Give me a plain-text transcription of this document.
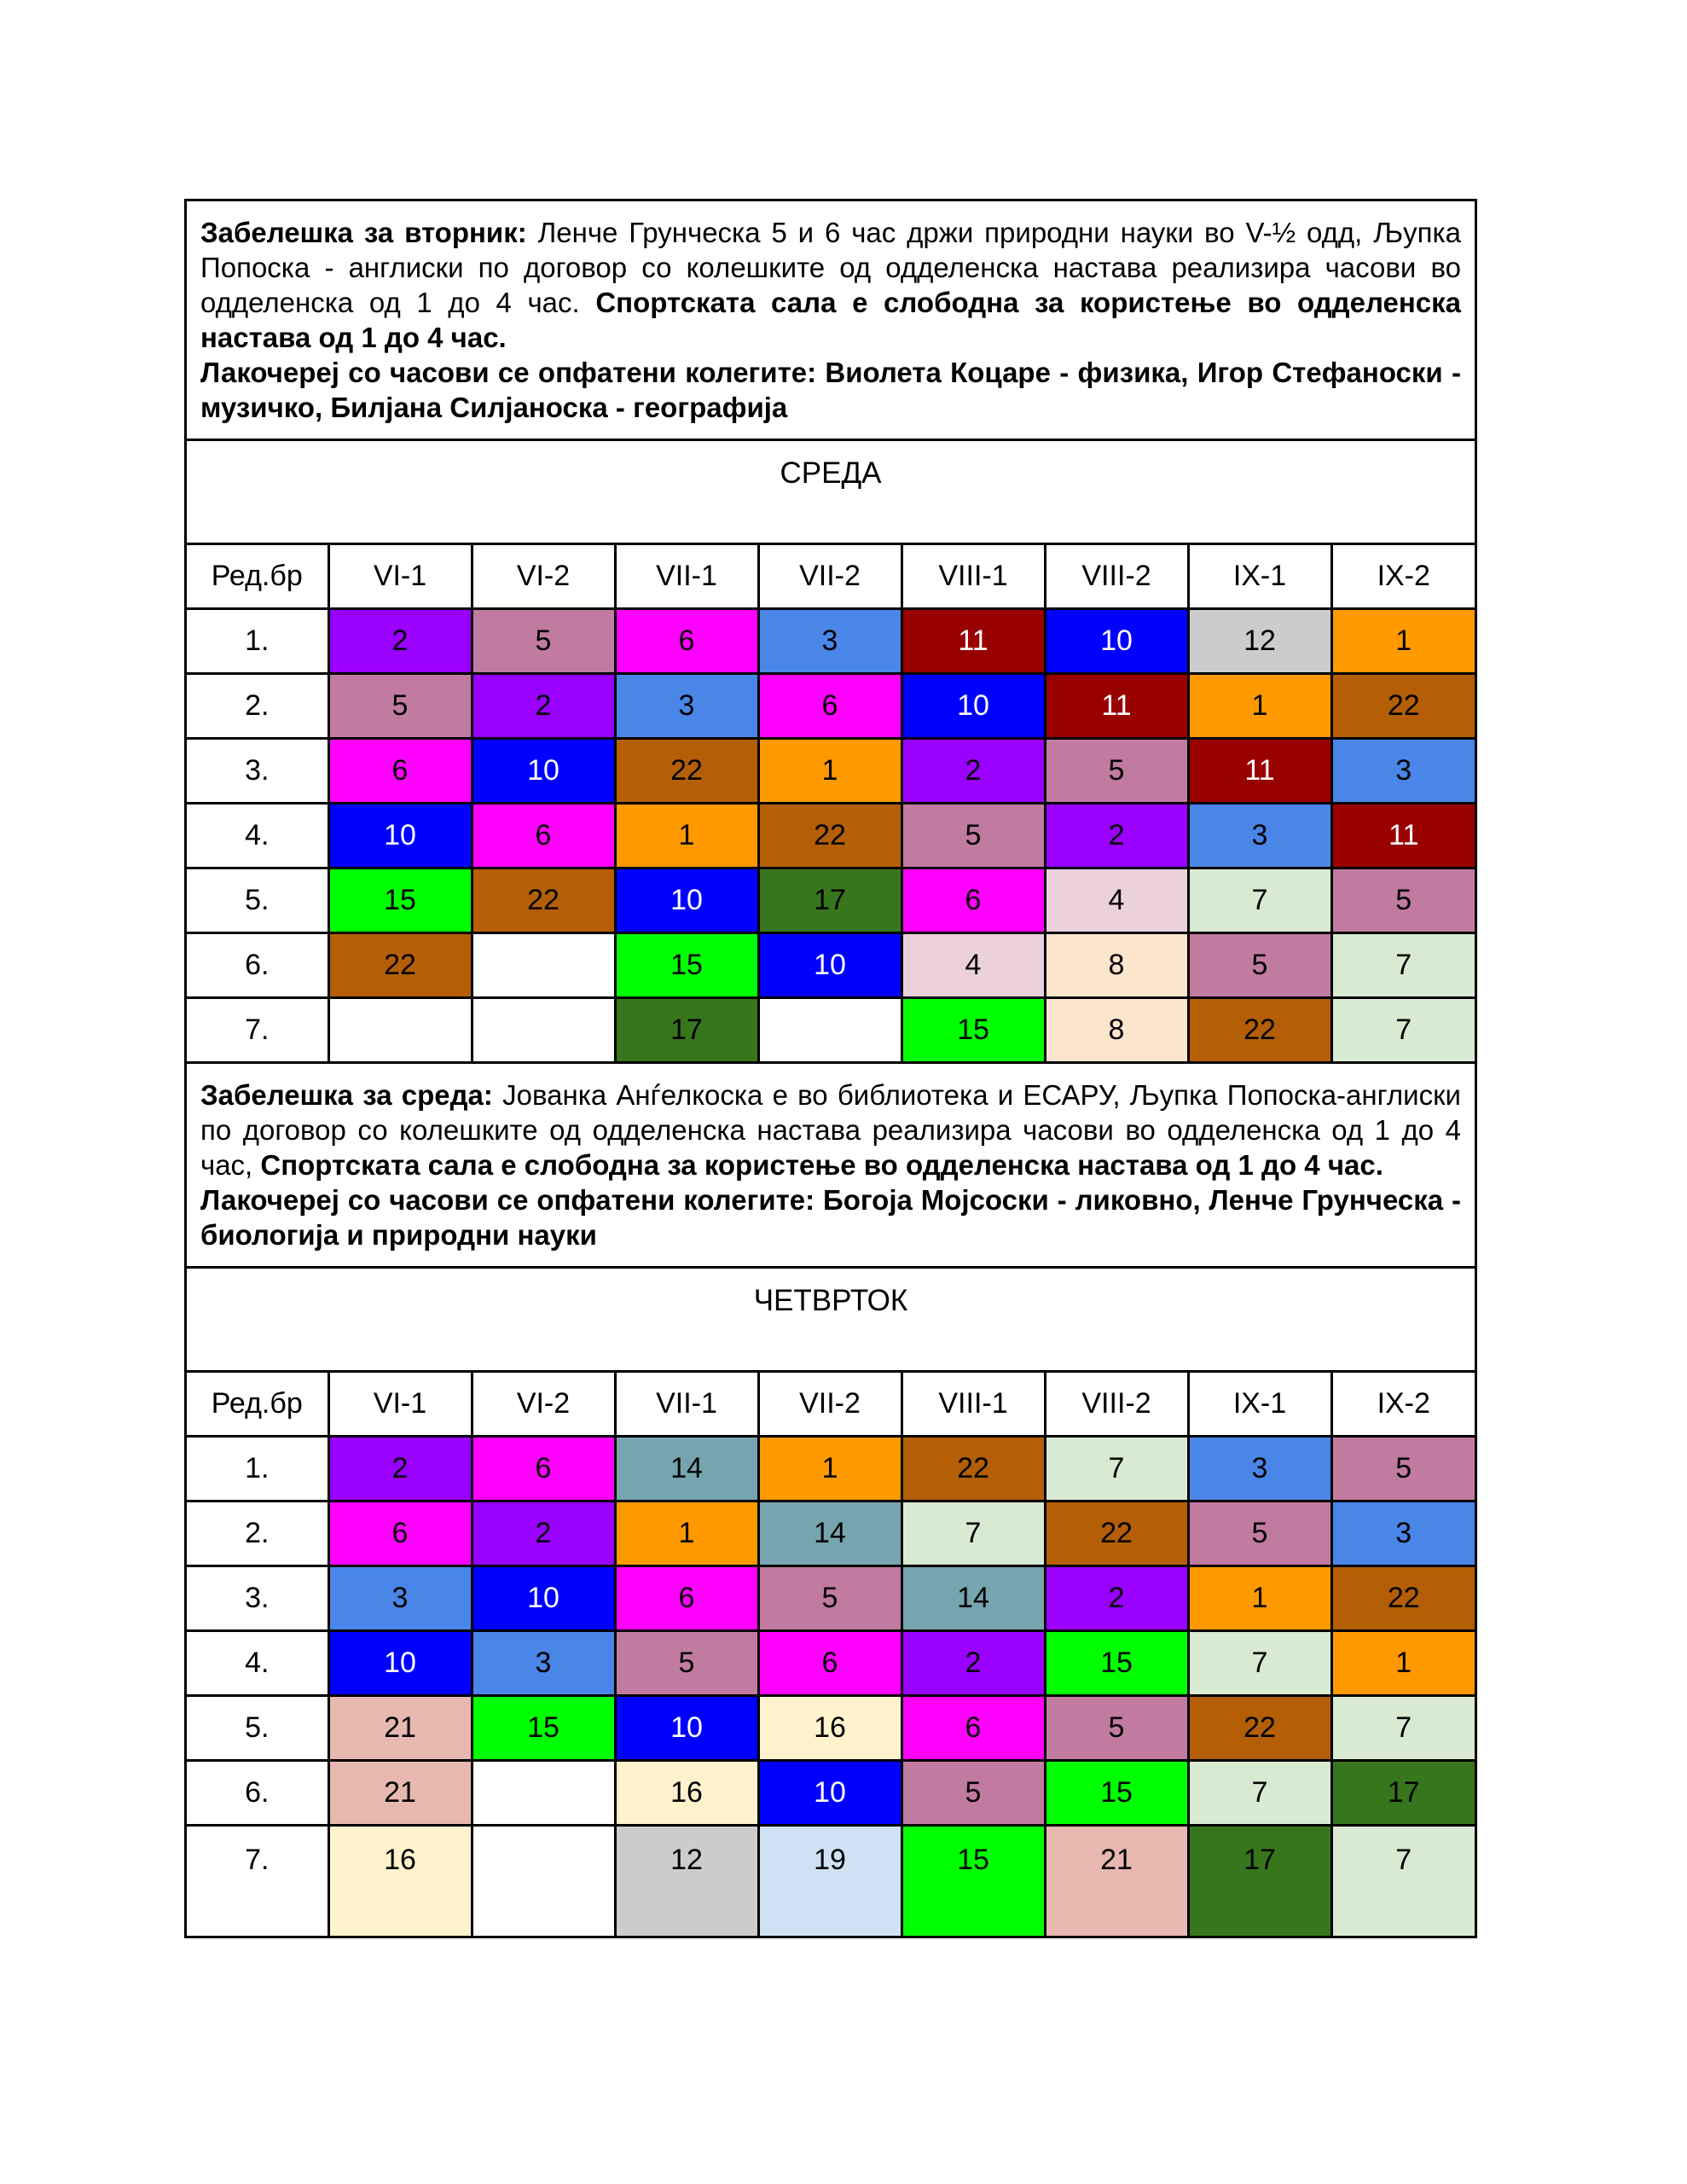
Забелешка за вторник: Ленче Грунческа 5 и 6 час држи природни науки во V-½ одд, Љупка Попоска - англиски по договор со колешките од одделенска настава реализира часови во одделенска од 1 до 4 час. Спортската сала е слободна за користење во одделенска настава од 1 до 4 час.

Лакочереј со часови се опфатени колегите: Виолета Коцаре - физика, Игор Стефаноски - музичко, Билјана Силјаноска - географија								

СРЕДА								
Ред.бр	VI-1	VI-2	VII-1	VII-2	VIII-1	VIII-2	IX-1	IX-2
1.	2	5	6	3	11	10	12	1
2.	5	2	3	6	10	11	1	22
3.	6	10	22	1	2	5	11	3
4.	10	6	1	22	5	2	3	11
5.	15	22	10	17	6	4	7	5
6.	22		15	10	4	8	5	7
7.			17		15	8	22	7

Забелешка за среда: Јованка Анѓелкоска е во библиотека и ЕСАРУ, Љупка Попоска-англиски по договор со колешките од одделенска настава реализира часови во одделенска од 1 до 4 час, Спортската сала е слободна за користење во одделенска настава од 1 до 4 час.

Лакочереј со часови се опфатени колегите: Богоја Мојсоски - ликовно, Ленче Грунческа - биологија и природни науки								

ЧЕТВРТОК								
Ред.бр	VI-1	VI-2	VII-1	VII-2	VIII-1	VIII-2	IX-1	IX-2
1.	2	6	14	1	22	7	3	5
2.	6	2	1	14	7	22	5	3
3.	3	10	6	5	14	2	1	22
4.	10	3	5	6	2	15	7	1
5.	21	15	10	16	6	5	22	7
6.	21		16	10	5	15	7	17
7.	16		12	19	15	21	17	7
